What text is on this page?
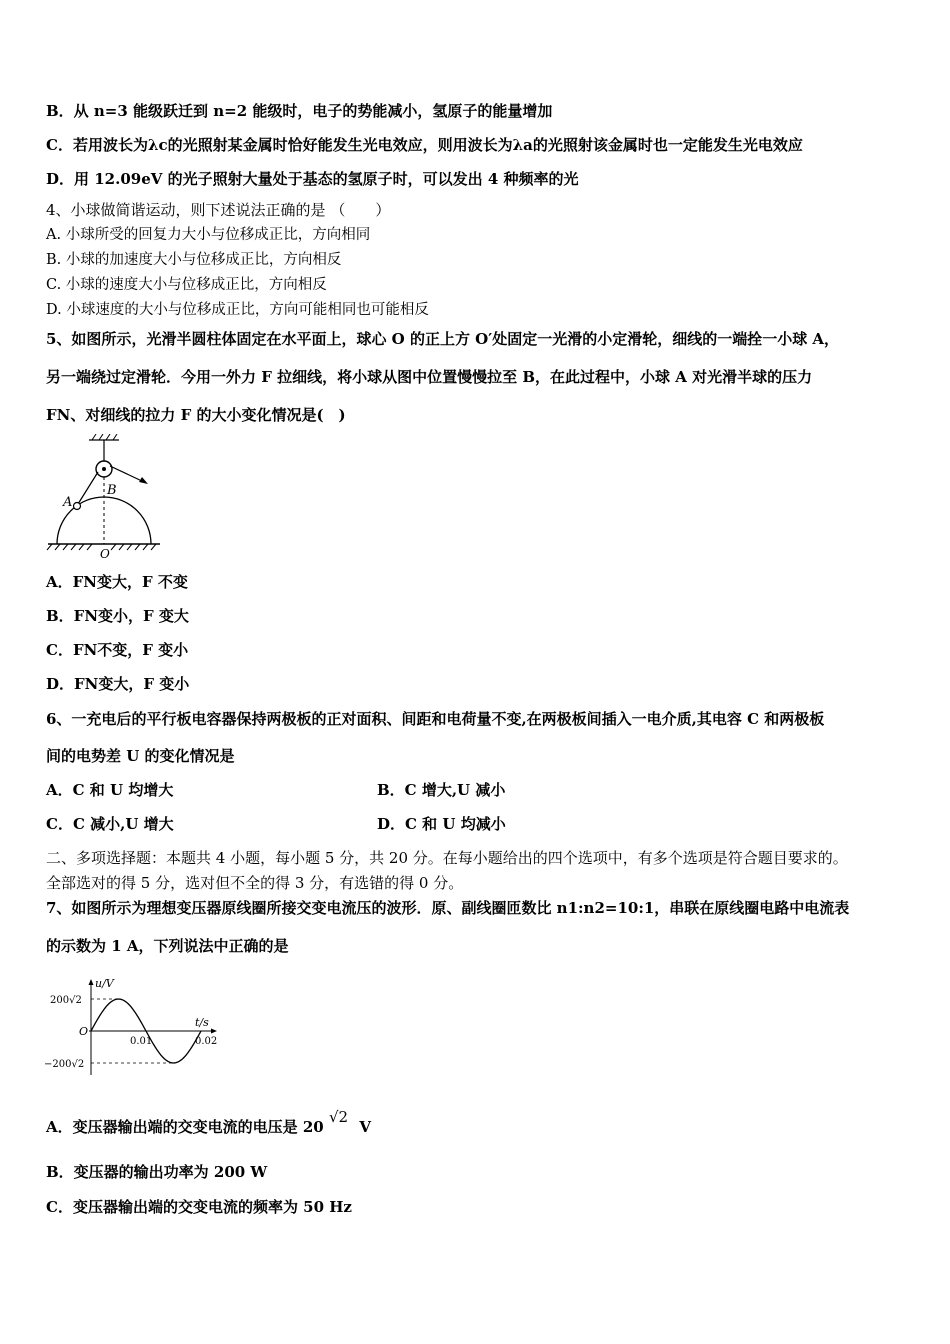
B．从 n=3 能级跃迁到 n=2 能级时，电子的势能减小，氢原子的能量增加
C．若用波长为λc的光照射某金属时恰好能发生光电效应，则用波长为λa的光照射该金属时也一定能发生光电效应
D．用 12.09eV 的光子照射大量处于基态的氢原子时，可以发出 4 种频率的光
4、小球做简谐运动，则下述说法正确的是 （　　）
A. 小球所受的回复力大小与位移成正比，方向相同
B. 小球的加速度大小与位移成正比，方向相反
C. 小球的速度大小与位移成正比，方向相反
D. 小球速度的大小与位移成正比，方向可能相同也可能相反
5、如图所示，光滑半圆柱体固定在水平面上，球心 O 的正上方 O′处固定一光滑的小定滑轮，细线的一端拴一小球 A，
另一端绕过定滑轮．今用一外力 F 拉细线，将小球从图中位置慢慢拉至 B，在此过程中，小球 A 对光滑半球的压力
FN、对细线的拉力 F 的大小变化情况是(　)
A
B
O
A．FN变大，F 不变
B．FN变小，F 变大
C．FN不变，F 变小
D．FN变大，F 变小
6、一充电后的平行板电容器保持两极板的正对面积、间距和电荷量不变,在两极板间插入一电介质,其电容 C 和两极板
间的电势差 U 的变化情况是
A．C 和 U 均增大	B．C 增大,U 减小
C．C 减小,U 增大	D．C 和 U 均减小
二、多项选择题：本题共 4 小题，每小题 5 分，共 20 分。在每小题给出的四个选项中，有多个选项是符合题目要求的。
全部选对的得 5 分，选对但不全的得 3 分，有选错的得 0 分。
7、如图所示为理想变压器原线圈所接交变电流压的波形．原、副线圈匝数比 n1:n2=10:1，串联在原线圈电路中电流表
的示数为 1 A，下列说法中正确的是
u/V
t/s
O
0.01	0.02
200√2
−200√2
A．变压器输出端的交变电流的电压是 20 √2 V
B．变压器的输出功率为 200 W
C．变压器输出端的交变电流的频率为 50 Hz
